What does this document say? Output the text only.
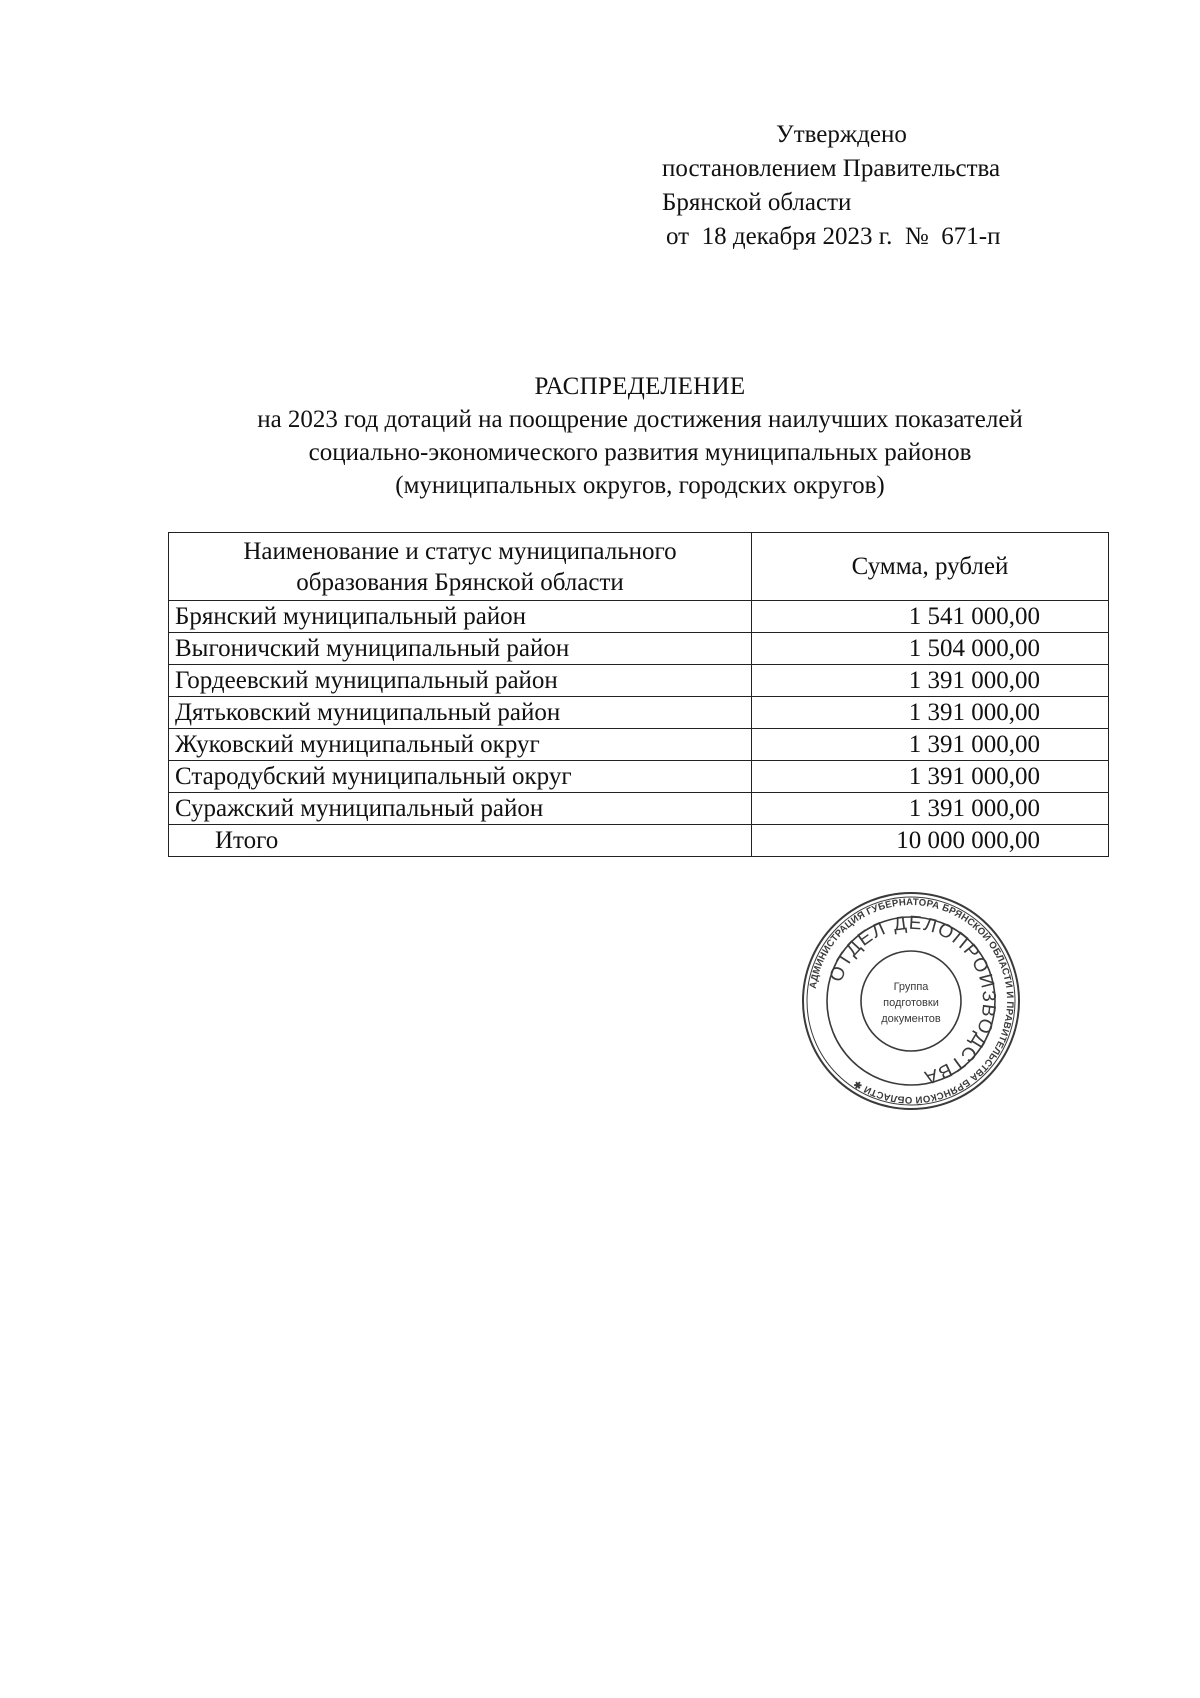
Утверждено
постановлением Правительства
Брянской области
от  18 декабря 2023 г.  №  671-п
РАСПРЕДЕЛЕНИЕ
на 2023 год дотаций на поощрение достижения наилучших показателей
социально-экономического развития муниципальных районов
(муниципальных округов, городских округов)
Наименование и статус муниципального
образования Брянской области	Сумма, рублей
Брянский муниципальный район	1 541 000,00
Выгоничский муниципальный район	1 504 000,00
Гордеевский муниципальный район	1 391 000,00
Дятьковский муниципальный район	1 391 000,00
Жуковский муниципальный округ	1 391 000,00
Стародубский муниципальный округ	1 391 000,00
Суражский муниципальный район	1 391 000,00
Итого	10 000 000,00
АДМИНИСТРАЦИЯ ГУБЕРНАТОРА БРЯНСКОЙ ОБЛАСТИ И ПРАВИТЕЛЬСТВА БРЯНСКОЙ ОБЛАСТИ ✱
ОТДЕЛ ДЕЛОПРОИЗВОДСТВА
Группа
подготовки
документов
